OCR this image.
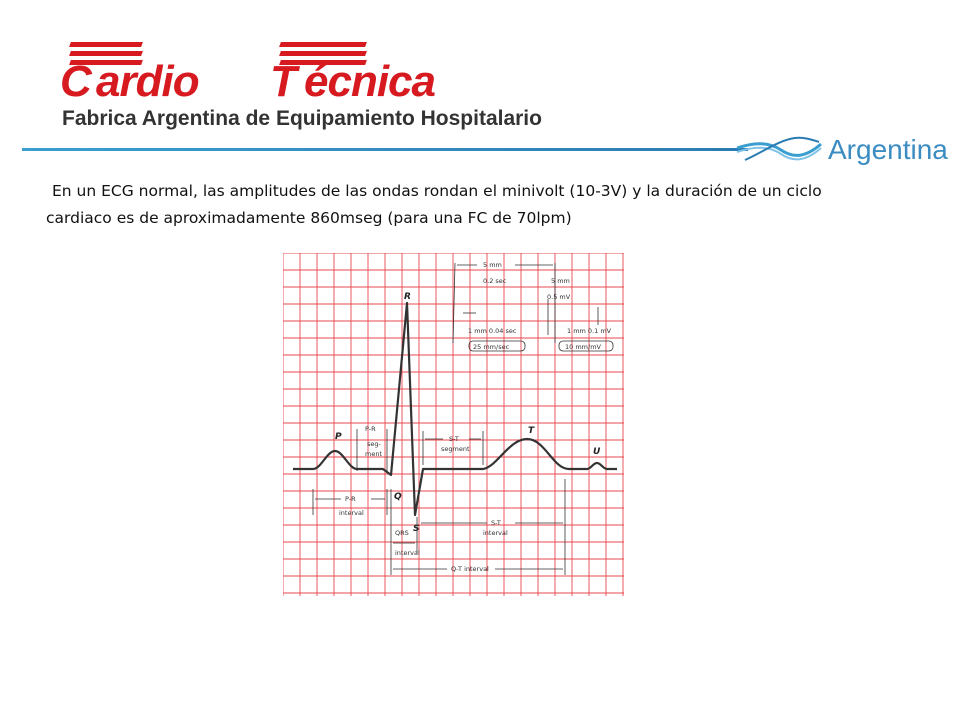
C ardio T écnica
Fabrica Argentina de Equipamiento Hospitalario
Argentina
En un ECG normal, las amplitudes de las ondas rondan el minivolt (10-3V) y la duración de un ciclo
cardiaco es de aproximadamente 860mseg (para una FC de 70lpm)
P
R
Q
S
T
U
5 mm
0.2 sec	5 mm
0.5 mV
1 mm 0.04 sec	1 mm 0.1 mV
25 mm/sec	10 mm/mV
P-R
seg-
ment
S-T
segment
P-R
interval
S-T
interval
QRS
interval
Q-T interval
